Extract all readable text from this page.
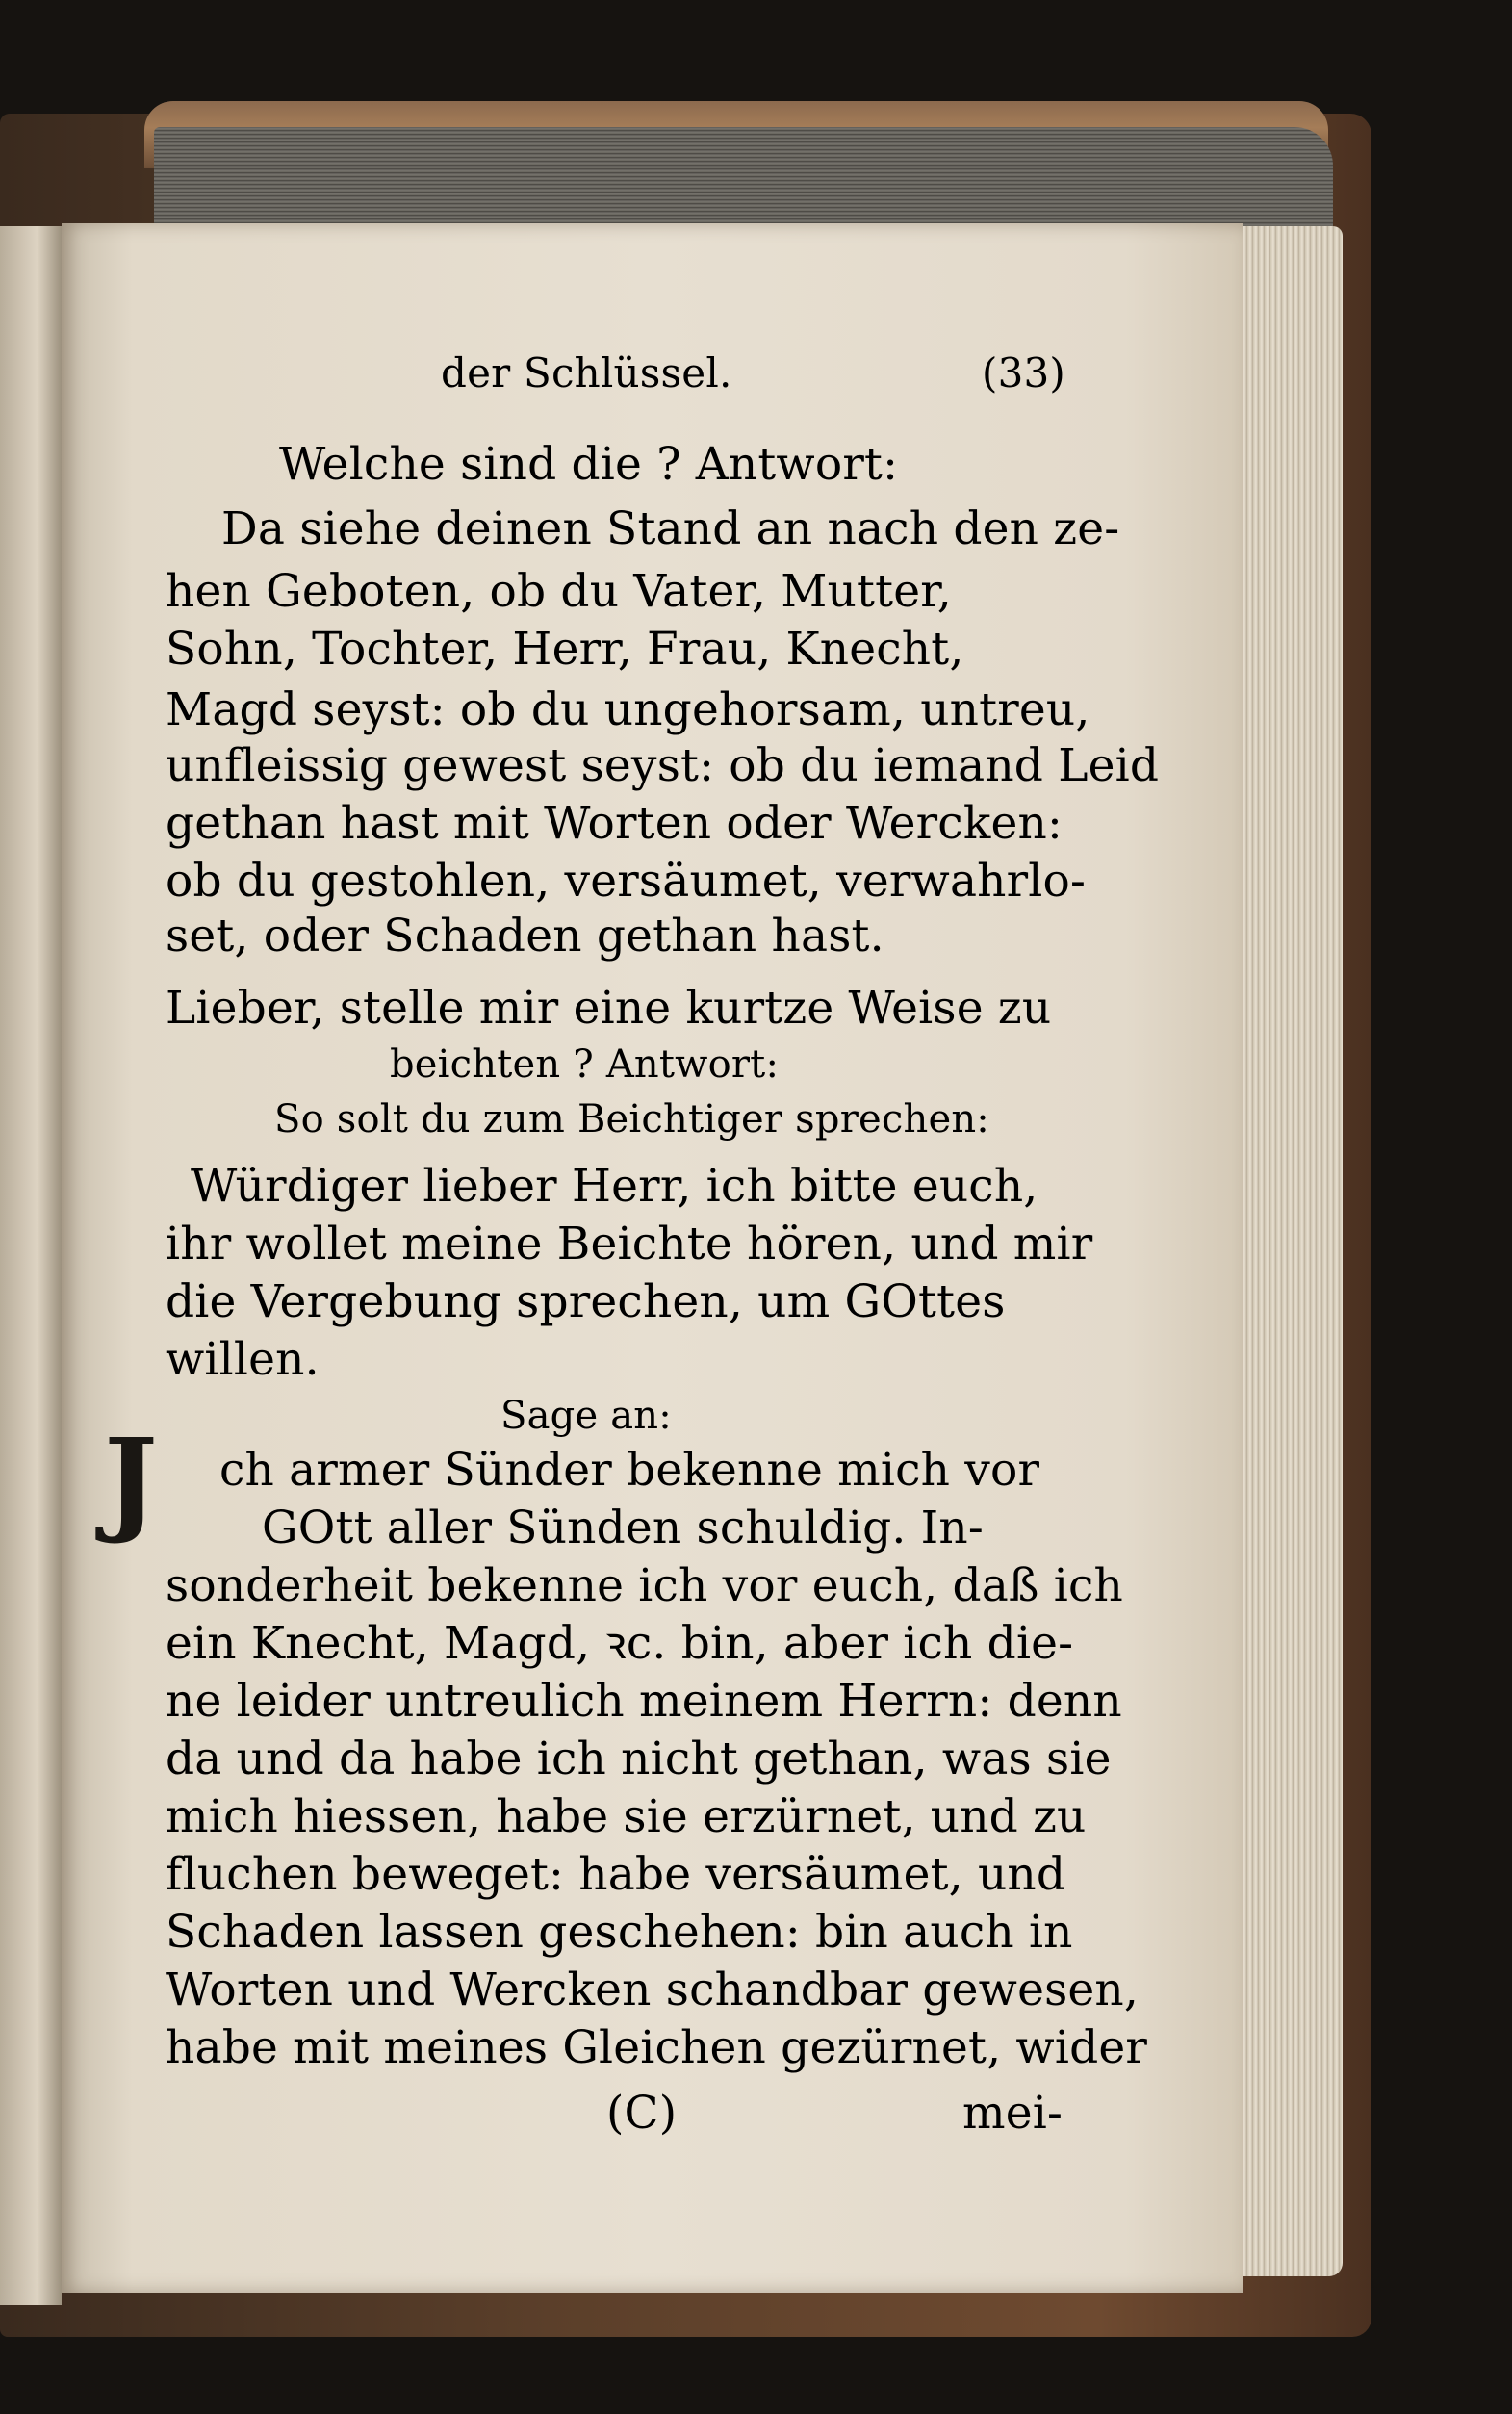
der Schlüssel.	(33)
Welche sind die ? Antwort:
Da siehe deinen Stand an nach den ze-
hen Geboten, ob du Vater, Mutter,
Sohn, Tochter, Herr, Frau, Knecht,
Magd seyst: ob du ungehorsam, untreu,
unfleissig gewest seyst: ob du iemand Leid
gethan hast mit Worten oder Wercken:
ob du gestohlen, versäumet, verwahrlo-
set, oder Schaden gethan hast.
Lieber, stelle mir eine kurtze Weise zu
beichten ? Antwort:
So solt du zum Beichtiger sprechen:
Würdiger lieber Herr, ich bitte euch,
ihr wollet meine Beichte hören, und mir
die Vergebung sprechen, um GOttes
willen.
Sage an:
J ch armer Sünder bekenne mich vor
GOtt aller Sünden schuldig. In-
sonderheit bekenne ich vor euch, daß ich
ein Knecht, Magd, ꝛc. bin, aber ich die-
ne leider untreulich meinem Herrn: denn
da und da habe ich nicht gethan, was sie
mich hiessen, habe sie erzürnet, und zu
fluchen beweget: habe versäumet, und
Schaden lassen geschehen: bin auch in
Worten und Wercken schandbar gewesen,
habe mit meines Gleichen gezürnet, wider
(C)	mei-
